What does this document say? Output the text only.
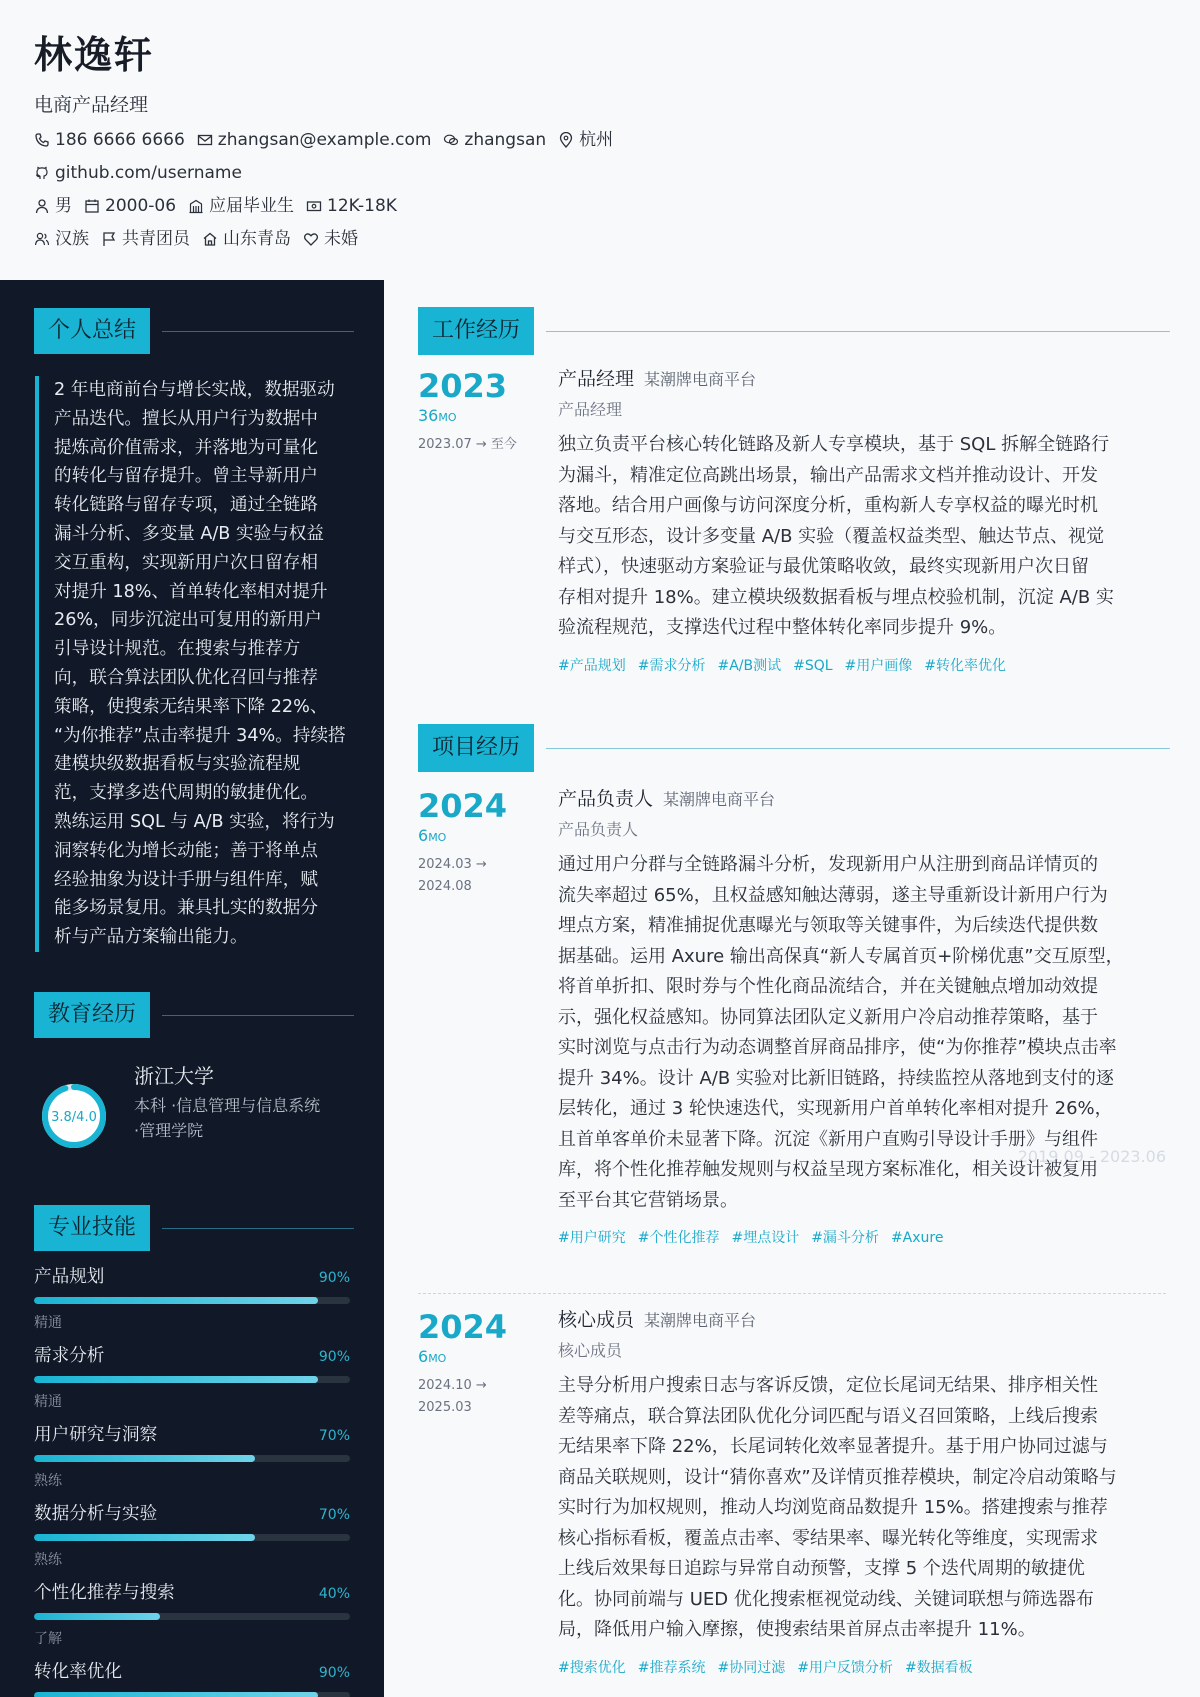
林逸轩
电商产品经理
186 6666 6666 zhangsan@example.com zhangsan 杭州
github.com/username
男 2000-06 应届毕业生 12K-18K
汉族 共青团员 山东青岛 未婚
个人总结
2 年电商前台与增长实战，数据驱动
产品迭代。擅长从用户行为数据中
提炼高价值需求，并落地为可量化
的转化与留存提升。曾主导新用户
转化链路与留存专项，通过全链路
漏斗分析、多变量 A/B 实验与权益
交互重构，实现新用户次日留存相
对提升 18%、首单转化率相对提升
26%，同步沉淀出可复用的新用户
引导设计规范。在搜索与推荐方
向，联合算法团队优化召回与推荐
策略，使搜索无结果率下降 22%、
“为你推荐”点击率提升 34%。持续搭
建模块级数据看板与实验流程规
范，支撑多迭代周期的敏捷优化。
熟练运用 SQL 与 A/B 实验，将行为
洞察转化为增长动能；善于将单点
经验抽象为设计手册与组件库，赋
能多场景复用。兼具扎实的数据分
析与产品方案输出能力。
教育经历
3.8/4.0
浙江大学
本科 ·信息管理与信息系统
·管理学院
2019.09 - 2023.06
专业技能
产品规划	90%
精通
需求分析	90%
精通
用户研究与洞察	70%
熟练
数据分析与实验	70%
熟练
个性化推荐与搜索	40%
了解
转化率优化	90%
工作经历
2023
36MO
2023.07 → 至今
产品经理 某潮牌电商平台
产品经理
独立负责平台核心转化链路及新人专享模块，基于 SQL 拆解全链路行
为漏斗，精准定位高跳出场景，输出产品需求文档并推动设计、开发
落地。结合用户画像与访问深度分析，重构新人专享权益的曝光时机
与交互形态，设计多变量 A/B 实验（覆盖权益类型、触达节点、视觉
样式），快速驱动方案验证与最优策略收敛，最终实现新用户次日留
存相对提升 18%。建立模块级数据看板与埋点校验机制，沉淀 A/B 实
验流程规范，支撑迭代过程中整体转化率同步提升 9%。
#产品规划 #需求分析 #A/B测试 #SQL #用户画像 #转化率优化
项目经历
2024
6MO
2024.03 →
2024.08
产品负责人 某潮牌电商平台
产品负责人
通过用户分群与全链路漏斗分析，发现新用户从注册到商品详情页的
流失率超过 65%，且权益感知触达薄弱，遂主导重新设计新用户行为
埋点方案，精准捕捉优惠曝光与领取等关键事件，为后续迭代提供数
据基础。运用 Axure 输出高保真“新人专属首页+阶梯优惠”交互原型，
将首单折扣、限时券与个性化商品流结合，并在关键触点增加动效提
示，强化权益感知。协同算法团队定义新用户冷启动推荐策略，基于
实时浏览与点击行为动态调整首屏商品排序，使“为你推荐”模块点击率
提升 34%。设计 A/B 实验对比新旧链路，持续监控从落地到支付的逐
层转化，通过 3 轮快速迭代，实现新用户首单转化率相对提升 26%，
且首单客单价未显著下降。沉淀《新用户直购引导设计手册》与组件
库，将个性化推荐触发规则与权益呈现方案标准化，相关设计被复用
至平台其它营销场景。
#用户研究 #个性化推荐 #埋点设计 #漏斗分析 #Axure
2024
6MO
2024.10 →
2025.03
核心成员 某潮牌电商平台
核心成员
主导分析用户搜索日志与客诉反馈，定位长尾词无结果、排序相关性
差等痛点，联合算法团队优化分词匹配与语义召回策略，上线后搜索
无结果率下降 22%，长尾词转化效率显著提升。基于用户协同过滤与
商品关联规则，设计“猜你喜欢”及详情页推荐模块，制定冷启动策略与
实时行为加权规则，推动人均浏览商品数提升 15%。搭建搜索与推荐
核心指标看板，覆盖点击率、零结果率、曝光转化等维度，实现需求
上线后效果每日追踪与异常自动预警，支撑 5 个迭代周期的敏捷优
化。协同前端与 UED 优化搜索框视觉动线、关键词联想与筛选器布
局，降低用户输入摩擦，使搜索结果首屏点击率提升 11%。
#搜索优化 #推荐系统 #协同过滤 #用户反馈分析 #数据看板
